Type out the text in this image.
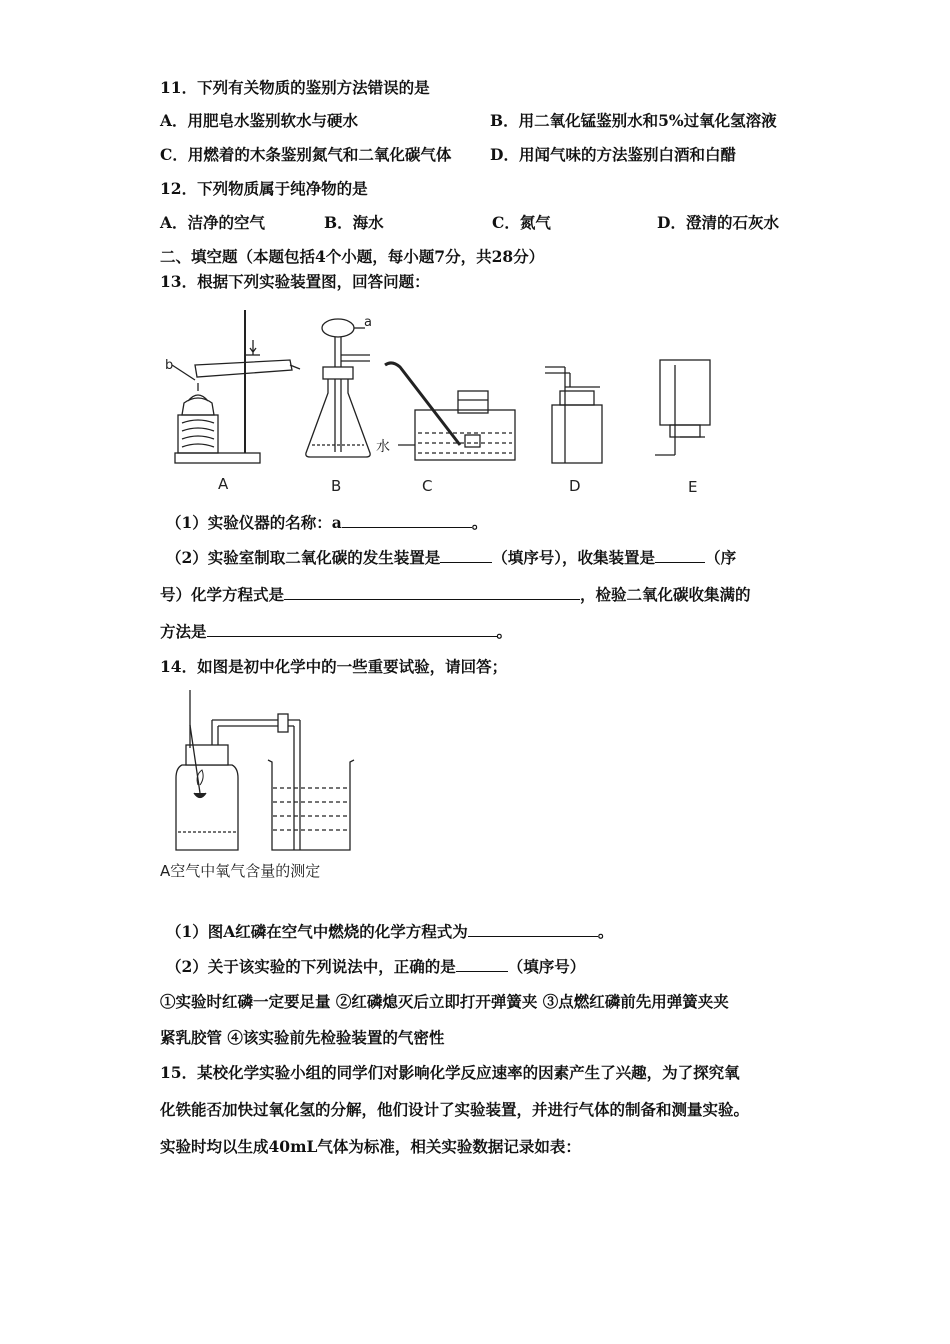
11．下列有关物质的鉴别方法错误的是
A．用肥皂水鉴别软水与硬水	B．用二氧化锰鉴别水和5%过氧化氢溶液
C．用燃着的木条鉴别氮气和二氧化碳气体 D．用闻气味的方法鉴别白酒和白醋
12．下列物质属于纯净物的是
A．洁净的空气	B．海水	C．氮气	D．澄清的石灰水
二、填空题（本题包括4个小题，每小题7分，共28分）
13．根据下列实验装置图，回答问题：
A	B	C	D	E
a
b
水
（1）实验仪器的名称：a	。
（2）实验室制取二氧化碳的发生装置是	（填序号），收集装置是	（序
号）化学方程式是	，检验二氧化碳收集满的
方法是	。
14．如图是初中化学中的一些重要试验，请回答；
A空气中氧气含量的测定
（1）图A红磷在空气中燃烧的化学方程式为	。
（2）关于该实验的下列说法中，正确的是	（填序号）
①实验时红磷一定要足量 ②红磷熄灭后立即打开弹簧夹 ③点燃红磷前先用弹簧夹夹
紧乳胶管 ④该实验前先检验装置的气密性
15．某校化学实验小组的同学们对影响化学反应速率的因素产生了兴趣，为了探究氧
化铁能否加快过氧化氢的分解，他们设计了实验装置，并进行气体的制备和测量实验。
实验时均以生成40mL气体为标准，相关实验数据记录如表：
